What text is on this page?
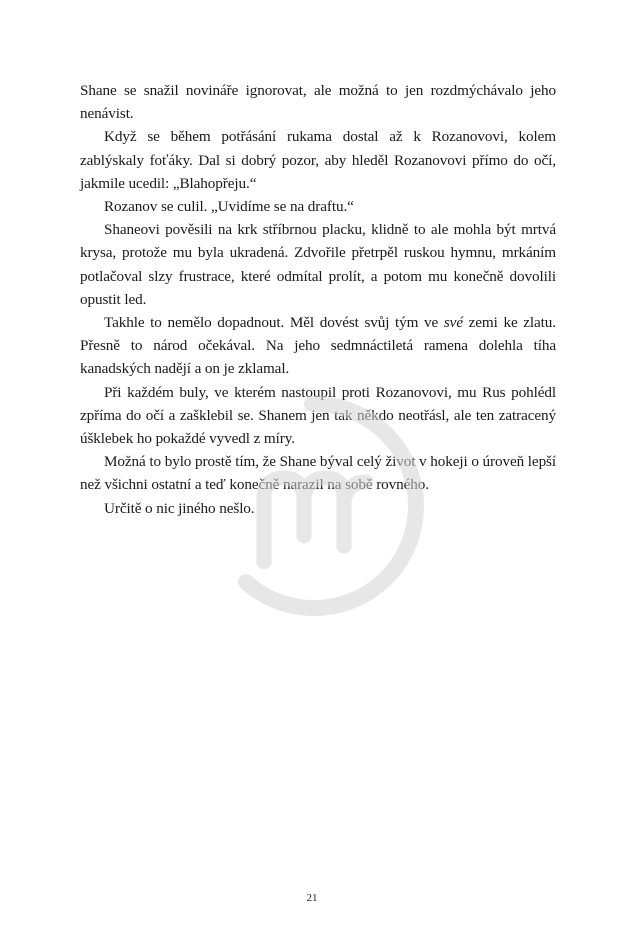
Shane se snažil novináře ignorovat, ale možná to jen rozdmýchávalo jeho nenávist.

Když se během potřásání rukama dostal až k Rozanovovi, kolem zablýskaly foťáky. Dal si dobrý pozor, aby hleděl Rozanovovi přímo do očí, jakmile ucedil: „Blahopřeju.“

Rozanov se culil. „Uvidíme se na draftu.“

Shaneovi pověsili na krk stříbrnou placku, klidně to ale mohla být mrtvá krysa, protože mu byla ukradená. Zdvořile přetrpěl ruskou hymnu, mrkáním potlačoval slzy frustrace, které odmítal prolít, a potom mu konečně dovolili opustit led.

Takhle to nemělo dopadnout. Měl dovést svůj tým ve své zemi ke zlatu. Přesně to národ očekával. Na jeho sedmnáctiletá ramena dolehla tíha kanadských nadějí a on je zklamal.

Při každém buly, ve kterém nastoupil proti Rozanovovi, mu Rus pohlédl zpříma do očí a zašklebil se. Shanem jen tak někdo neotřásl, ale ten zatracený úšklebek ho pokaždé vyvedl z míry.

Možná to bylo prostě tím, že Shane býval celý život v hokeji o úroveň lepší než všichni ostatní a teď konečně narazil na sobě rovného.

Určitě o nic jiného nešlo.

21
